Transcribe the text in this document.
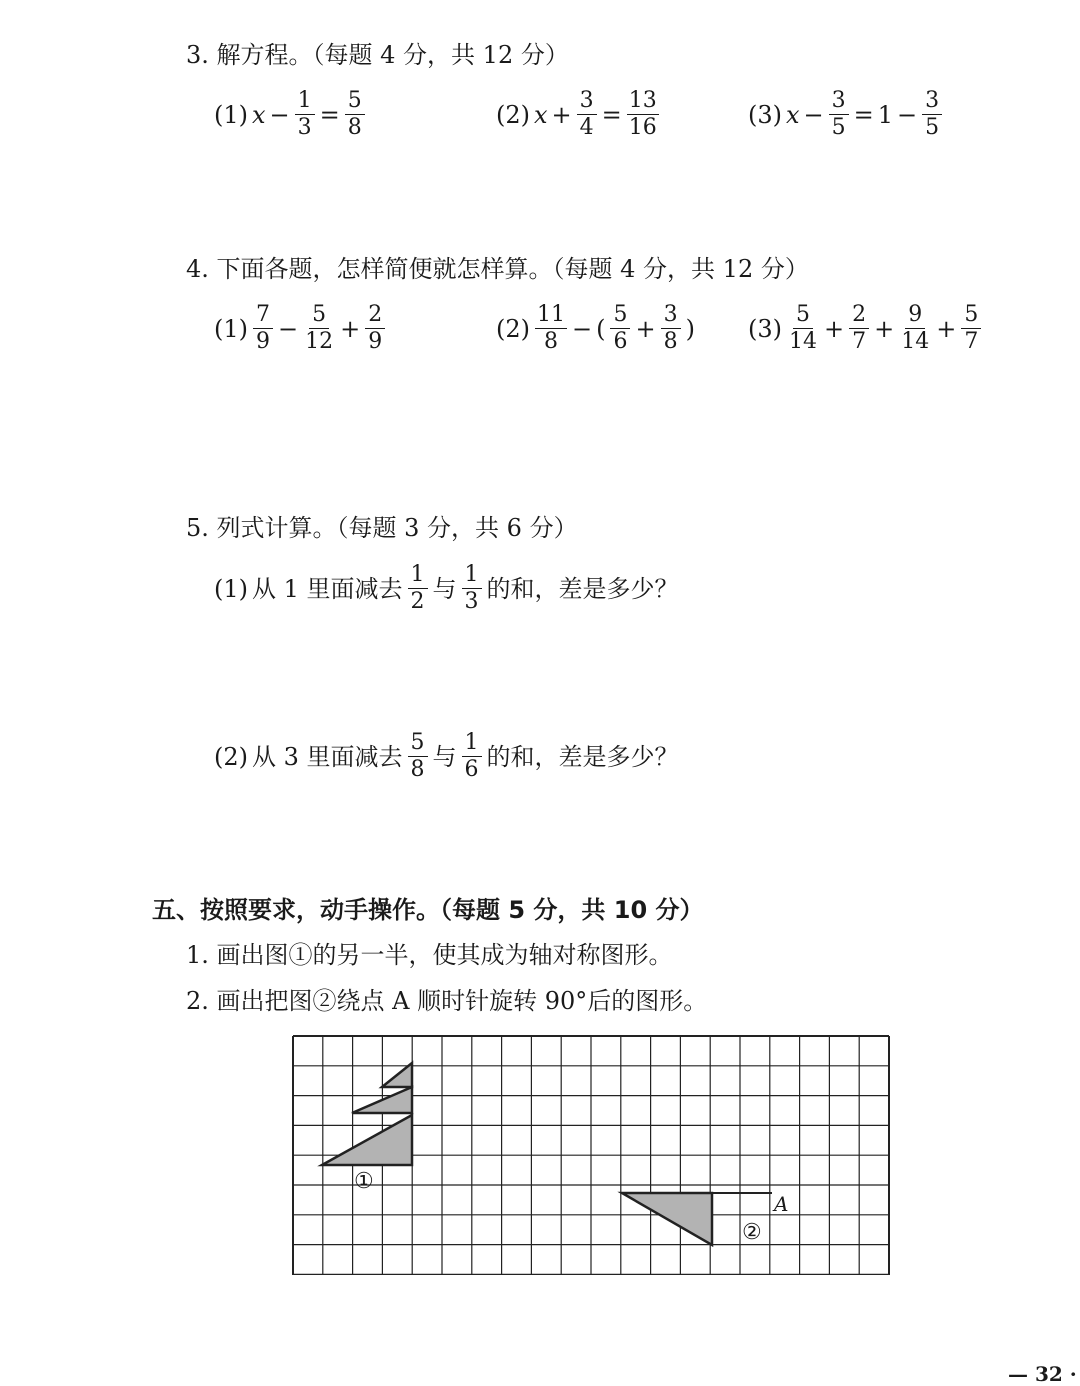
3. 解方程。（每题 4 分，共 12 分）
(1) $x - \frac{1}{3} = \frac{5}{8}$	(2) $x + \frac{3}{4} = \frac{13}{16}$	(3) $x - \frac{3}{5} = 1 - \frac{3}{5}$
4. 下面各题，怎样简便就怎样算。（每题 4 分，共 12 分）
$(1) \frac{7}{9} - \frac{5}{12} + \frac{2}{9}$	$(2) \frac{11}{8}$ − ( $\frac{5}{6} + \frac{3}{8}$ ) $(3) \frac{5}{14} + \frac{2}{7} + \frac{9}{14} + \frac{5}{7}$
5. 列式计算。（每题 3 分，共 6 分）
(1) 从 1 里面减去 $\frac{1}{2}$ 与 $\frac{1}{3}$ 的和，差是多少？
(2) 从 3 里面减去 $\frac{5}{8}$ 与 $\frac{1}{6}$ 的和，差是多少？
五、按照要求，动手操作。（每题 5 分，共 10 分）
1. 画出图①的另一半，使其成为轴对称图形。
2. 画出把图②绕点 A 顺时针旋转 90°后的图形。
①
A
②
— 32 ·
